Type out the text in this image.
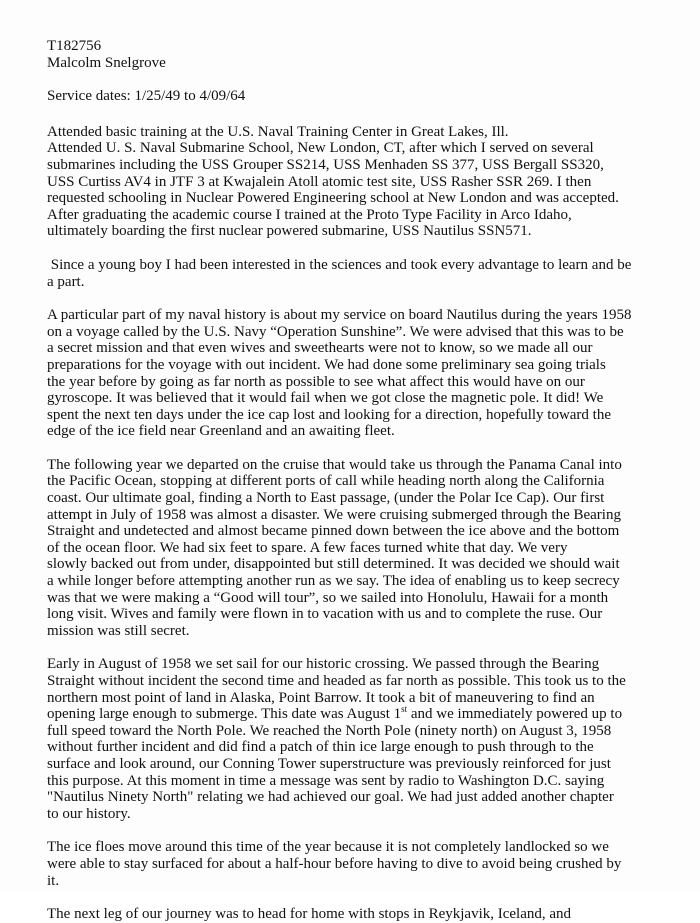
T182756
Malcolm Snelgrove
Service dates: 1/25/49 to 4/09/64
Attended basic training at the U.S. Naval Training Center in Great Lakes, Ill.
Attended U. S. Naval Submarine School, New London, CT, after which I served on several
submarines including the USS Grouper SS214, USS Menhaden SS 377, USS Bergall SS320,
USS Curtiss AV4 in JTF 3 at Kwajalein Atoll atomic test site, USS Rasher SSR 269. I then
requested schooling in Nuclear Powered Engineering school at New London and was accepted.
After graduating the academic course I trained at the Proto Type Facility in Arco Idaho,
ultimately boarding the first nuclear powered submarine, USS Nautilus SSN571.
Since a young boy I had been interested in the sciences and took every advantage to learn and be
a part.
A particular part of my naval history is about my service on board Nautilus during the years 1958
on a voyage called by the U.S. Navy “Operation Sunshine”. We were advised that this was to be
a secret mission and that even wives and sweethearts were not to know, so we made all our
preparations for the voyage with out incident. We had done some preliminary sea going trials
the year before by going as far north as possible to see what affect this would have on our
gyroscope. It was believed that it would fail when we got close the magnetic pole. It did! We
spent the next ten days under the ice cap lost and looking for a direction, hopefully toward the
edge of the ice field near Greenland and an awaiting fleet.
The following year we departed on the cruise that would take us through the Panama Canal into
the Pacific Ocean, stopping at different ports of call while heading north along the California
coast. Our ultimate goal, finding a North to East passage, (under the Polar Ice Cap). Our first
attempt in July of 1958 was almost a disaster. We were cruising submerged through the Bearing
Straight and undetected and almost became pinned down between the ice above and the bottom
of the ocean floor. We had six feet to spare. A few faces turned white that day. We very
slowly backed out from under, disappointed but still determined. It was decided we should wait
a while longer before attempting another run as we say. The idea of enabling us to keep secrecy
was that we were making a “Good will tour”, so we sailed into Honolulu, Hawaii for a month
long visit. Wives and family were flown in to vacation with us and to complete the ruse. Our
mission was still secret.
Early in August of 1958 we set sail for our historic crossing. We passed through the Bearing
Straight without incident the second time and headed as far north as possible. This took us to the
northern most point of land in Alaska, Point Barrow. It took a bit of maneuvering to find an
opening large enough to submerge. This date was August 1st and we immediately powered up to
full speed toward the North Pole. We reached the North Pole (ninety north) on August 3, 1958
without further incident and did find a patch of thin ice large enough to push through to the
surface and look around, our Conning Tower superstructure was previously reinforced for just
this purpose. At this moment in time a message was sent by radio to Washington D.C. saying
"Nautilus Ninety North" relating we had achieved our goal. We had just added another chapter
to our history.
The ice floes move around this time of the year because it is not completely landlocked so we
were able to stay surfaced for about a half-hour before having to dive to avoid being crushed by
it.
The next leg of our journey was to head for home with stops in Reykjavik, Iceland, and
